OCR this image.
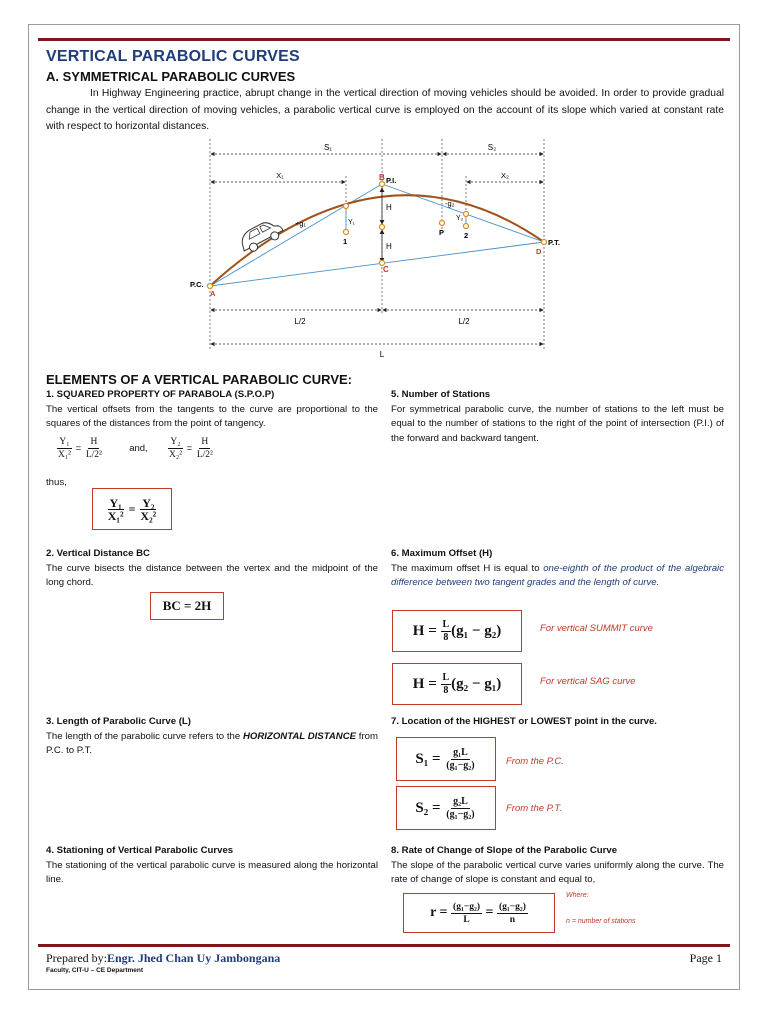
VERTICAL PARABOLIC CURVES
A. SYMMETRICAL PARABOLIC CURVES
In Highway Engineering practice, abrupt change in the vertical direction of moving vehicles should be avoided. In order to provide gradual change in the vertical direction of moving vehicles, a parabolic vertical curve is employed on the account of its slope which varied at constant rate with respect to horizontal distances.
S₁	S₂
X₁	X₂
H
H
B P.I.
+g₁
-g₂
Y₁
Y₂
1
2
P
C
P.C.
A
P.T.
D
L/2	L/2
L
ELEMENTS OF A VERTICAL PARABOLIC CURVE:
1. SQUARED PROPERTY OF PARABOLA (S.P.O.P)
The vertical offsets from the tangents to the curve are proportional to the squares of the distances from the point of tangency.
$\frac{\text{Y₁}}{\text{X₁²}} = \frac{H}{\text{L/2²}}$	and, $\frac{\text{Y₂}}{\text{X₂²}} = \frac{H}{\text{L/2²}}$
thus,
$\frac{\text{Y₁}}{\text{X₁²}} = \frac{\text{Y₂}}{\text{X₂²}}$
2. Vertical Distance BC
The curve bisects the distance between the vertex and the midpoint of the long chord.
BC = 2H
3. Length of Parabolic Curve (L)
The length of the parabolic curve refers to the HORIZONTAL DISTANCE from P.C. to P.T.
4. Stationing of Vertical Parabolic Curves
The stationing of the vertical parabolic curve is measured along the horizontal line.
5. Number of Stations
For symmetrical parabolic curve, the number of stations to the left must be equal to the number of stations to the right of the point of intersection (P.I.) of the forward and backward tangent.
6. Maximum Offset (H)
The maximum offset H is equal to one-eighth of the product of the algebraic difference between two tangent grades and the length of curve.
H =
$\frac{L}{8} (g_1 - g_2)$	For vertical SUMMIT curve
H =
$\frac{L}{8} (g_2 - g_1)$	For vertical SAG curve
7. Location of the HIGHEST or LOWEST point in the curve.
S₁ =
$\frac{\text{g₁L}}{\text{(g₁−g₂)}}$	From the P.C.
S₂ =
$\frac{\text{g₂L}}{\text{(g₁−g₂)}}$	From the P.T.
8. Rate of Change of Slope of the Parabolic Curve
The slope of the parabolic vertical curve varies uniformly along the curve. The rate of change of slope is constant and equal to,
r =
$\frac{\text{(g₁−g₂)}}{L}$
=
$\frac{\text{(g₁−g₂)}}{n}$
Where:
n = number of stations
Prepared by:Engr. Jhed Chan Uy Jambongana
Faculty, CIT-U – CE Department
Page 1
